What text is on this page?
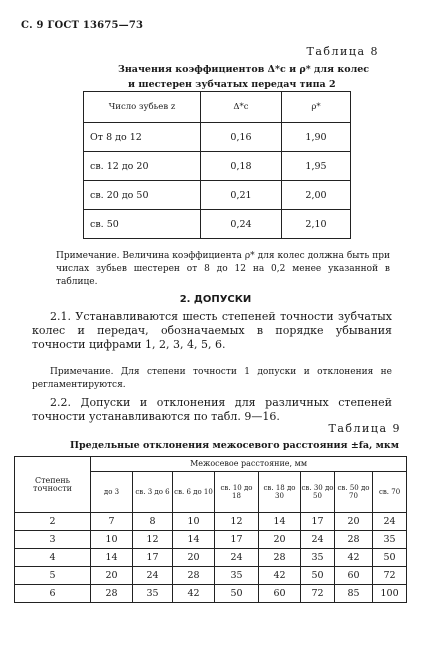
С. 9 ГОСТ 13675—73
Таблица 8
Значения коэффициентов Δ*c и ρ* для колес
и шестерен зубчатых передач типа 2
Число зубьев z	Δ*c	ρ*
От 8 до 12	0,16	1,90
св. 12 до 20	0,18	1,95
св. 20 до 50	0,21	2,00
св. 50	0,24	2,10
Примечание. Величина коэффициента ρ* для колес должна быть при числах зубьев шестерен от 8 до 12 на 0,2 менее указанной в таблице.
2. ДОПУСКИ
2.1. Устанавливаются шесть степеней точности зубчатых колес и передач, обозначаемых в порядке убывания точности цифрами 1, 2, 3, 4, 5, 6.
Примечание. Для степени точности 1 допуски и отклонения не регламентируются.
2.2. Допуски и отклонения для различных степеней точности устанавливаются по табл. 9—16.
Таблица 9
Предельные отклонения межосевого расстояния ±fa, мкм
Степень точности	Межосевое расстояние, мм							
	до 3	св. 3 до 6	св. 6 до 10	св. 10 до 18	св. 18 до 30	св. 30 до 50	св. 50 до 70	св. 70
2	7	8	10	12	14	17	20	24
3	10	12	14	17	20	24	28	35
4	14	17	20	24	28	35	42	50
5	20	24	28	35	42	50	60	72
6	28	35	42	50	60	72	85	100
